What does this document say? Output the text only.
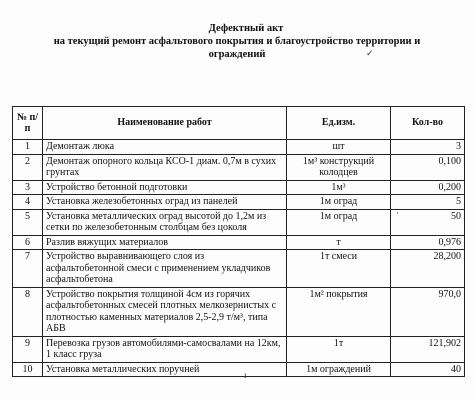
Дефектный акт
на текущий ремонт асфальтового покрытия и благоустройство территории и
ограждений
№ п/п	Наименование работ	Ед.изм.	Кол-во
1	Демонтаж люка	шт	3
2	Демонтаж опорного кольца КСО-1 диам. 0,7м в сухих грунтах	1м³ конструкций колодцев	0,100
3	Устройство бетонной подготовки	1м³	0,200
4	Установка железобетонных оград из панелей	1м оград	5
5	Установка металлических оград высотой до 1,2м из сетки по железобетонным столбцам без цоколя	1м оград	50
6	Разлив вяжущих материалов	т	0,976
7	Устройство выравнивающего слоя из асфальтобетонной смеси с применением укладчиков асфальтобетона	1т смеси	28,200
8	Устройство покрытия толщиной 4см из горячих асфальтобетонных смесей плотных мелкозернистых с плотностью каменных материалов 2,5-2,9 т/м³, типа АБВ	1м² покрытия	970,0
9	Перевозка грузов автомобилями-самосвалами на 12км, 1 класс груза	1т	121,902
10	Установка металлических поручней	1м ограждений	40
✓
·
ı
